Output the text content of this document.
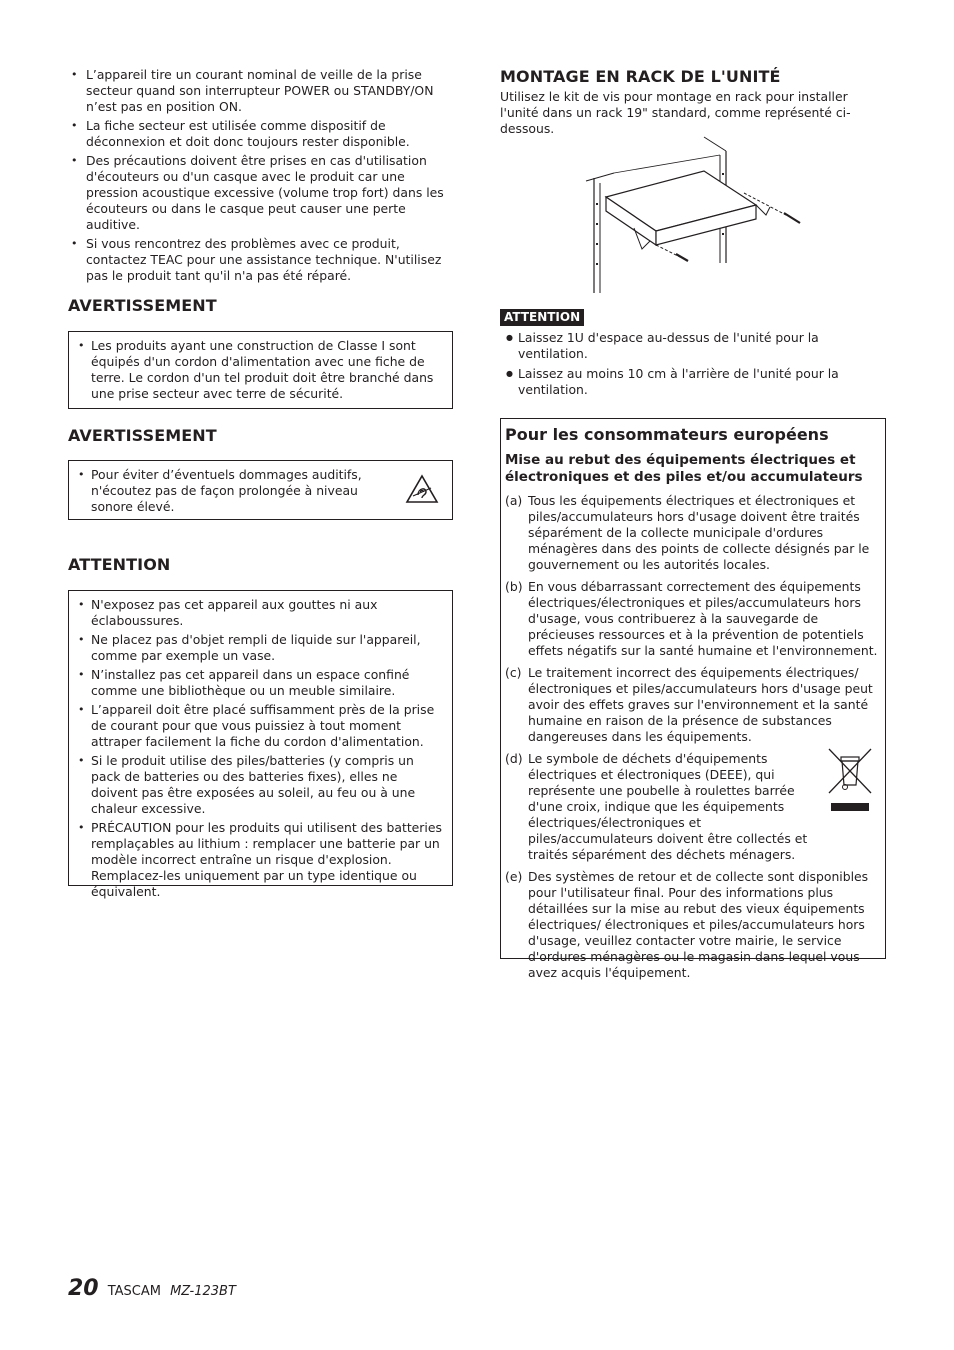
• L’appareil tire un courant nominal de veille de la prise secteur quand son interrupteur POWER ou STANDBY/ON n’est pas en position ON.
• La fiche secteur est utilisée comme dispositif de déconnexion et doit donc toujours rester disponible.
• Des précautions doivent être prises en cas d'utilisation d'écouteurs ou d'un casque avec le produit car une pression acoustique excessive (volume trop fort) dans les écouteurs ou dans le casque peut causer une perte auditive.
• Si vous rencontrez des problèmes avec ce produit, contactez TEAC pour une assistance technique. N'utilisez pas le produit tant qu'il n'a pas été réparé.
AVERTISSEMENT
• Les produits ayant une construction de Classe I sont équipés d'un cordon d'alimentation avec une fiche de terre. Le cordon d'un tel produit doit être branché dans une prise secteur avec terre de sécurité.
AVERTISSEMENT
• Pour éviter d’éventuels dommages auditifs, n'écoutez pas de façon prolongée à niveau sonore élevé.
ATTENTION
• N'exposez pas cet appareil aux gouttes ni aux éclaboussures.
• Ne placez pas d'objet rempli de liquide sur l'appareil, comme par exemple un vase.
• N’installez pas cet appareil dans un espace confiné comme une bibliothèque ou un meuble similaire.
• L’appareil doit être placé suffisamment près de la prise de courant pour que vous puissiez à tout moment attraper facilement la fiche du cordon d'alimentation.
• Si le produit utilise des piles/batteries (y compris un pack de batteries ou des batteries fixes), elles ne doivent pas être exposées au soleil, au feu ou à une chaleur excessive.
• PRÉCAUTION pour les produits qui utilisent des batteries remplaçables au lithium : remplacer une batterie par un modèle incorrect entraîne un risque d'explosion. Remplacez-les uniquement par un type identique ou équivalent.
MONTAGE EN RACK DE L'UNITÉ
Utilisez le kit de vis pour montage en rack pour installer l'unité dans un rack 19" standard, comme représenté ci-dessous.
ATTENTION
● Laissez 1U d'espace au-dessus de l'unité pour la ventilation.
● Laissez au moins 10 cm à l'arrière de l'unité pour la ventilation.
Pour les consommateurs européens
Mise au rebut des équipements électriques et électroniques et des piles et/ou accumulateurs
(a) Tous les équipements électriques et électroniques et piles/accumulateurs hors d'usage doivent être traités séparément de la collecte municipale d'ordures ménagères dans des points de collecte désignés par le gouvernement ou les autorités locales.
(b) En vous débarrassant correctement des équipements électriques/électroniques et piles/accumulateurs hors d'usage, vous contribuerez à la sauvegarde de précieuses ressources et à la prévention de potentiels effets négatifs sur la santé humaine et l'environnement.
(c) Le traitement incorrect des équipements électriques/ électroniques et piles/accumulateurs hors d'usage peut avoir des effets graves sur l'environnement et la santé humaine en raison de la présence de substances dangereuses dans les équipements.
(d) Le symbole de déchets d'équipements électriques et électroniques (DEEE), qui représente une poubelle à roulettes barrée d'une croix, indique que les équipements électriques/électroniques et piles/accumulateurs doivent être collectés et traités séparément des déchets ménagers.
(e) Des systèmes de retour et de collecte sont disponibles pour l'utilisateur final. Pour des informations plus détaillées sur la mise au rebut des vieux équipements électriques/ électroniques et piles/accumulateurs hors d'usage, veuillez contacter votre mairie, le service d'ordures ménagères ou le magasin dans lequel vous avez acquis l'équipement.
20 TASCAM MZ-123BT
